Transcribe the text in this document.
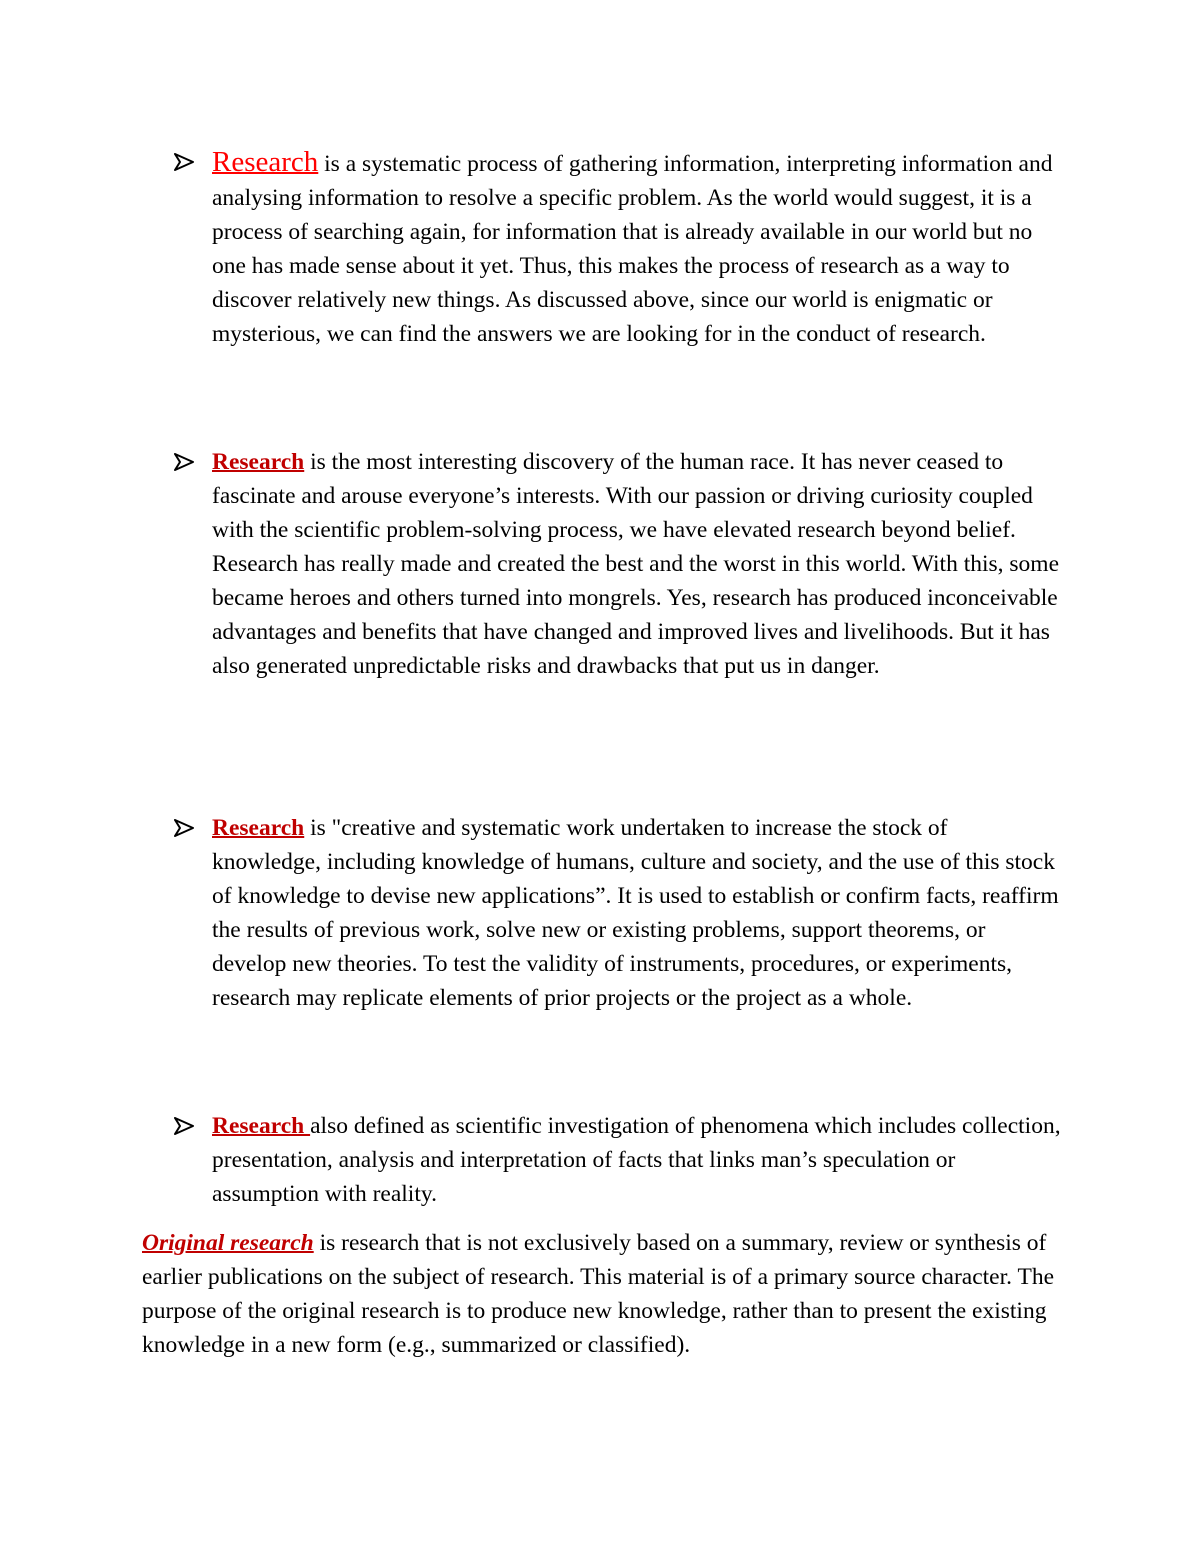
Research is a systematic process of gathering information, interpreting information and analysing information to resolve a specific problem. As the world would suggest, it is a process of searching again, for information that is already available in our world but no one has made sense about it yet. Thus, this makes the process of research as a way to discover relatively new things. As discussed above, since our world is enigmatic or mysterious, we can find the answers we are looking for in the conduct of research.
Research is the most interesting discovery of the human race. It has never ceased to fascinate and arouse everyone’s interests. With our passion or driving curiosity coupled with the scientific problem-solving process, we have elevated research beyond belief. Research has really made and created the best and the worst in this world. With this, some became heroes and others turned into mongrels. Yes, research has produced inconceivable advantages and benefits that have changed and improved lives and livelihoods. But it has also generated unpredictable risks and drawbacks that put us in danger.
Research is "creative and systematic work undertaken to increase the stock of knowledge, including knowledge of humans, culture and society, and the use of this stock of knowledge to devise new applications”. It is used to establish or confirm facts, reaffirm the results of previous work, solve new or existing problems, support theorems, or develop new theories. To test the validity of instruments, procedures, or experiments, research may replicate elements of prior projects or the project as a whole.
Research also defined as scientific investigation of phenomena which includes collection, presentation, analysis and interpretation of facts that links man’s speculation or assumption with reality.
Original research is research that is not exclusively based on a summary, review or synthesis of earlier publications on the subject of research. This material is of a primary source character. The purpose of the original research is to produce new knowledge, rather than to present the existing knowledge in a new form (e.g., summarized or classified).
